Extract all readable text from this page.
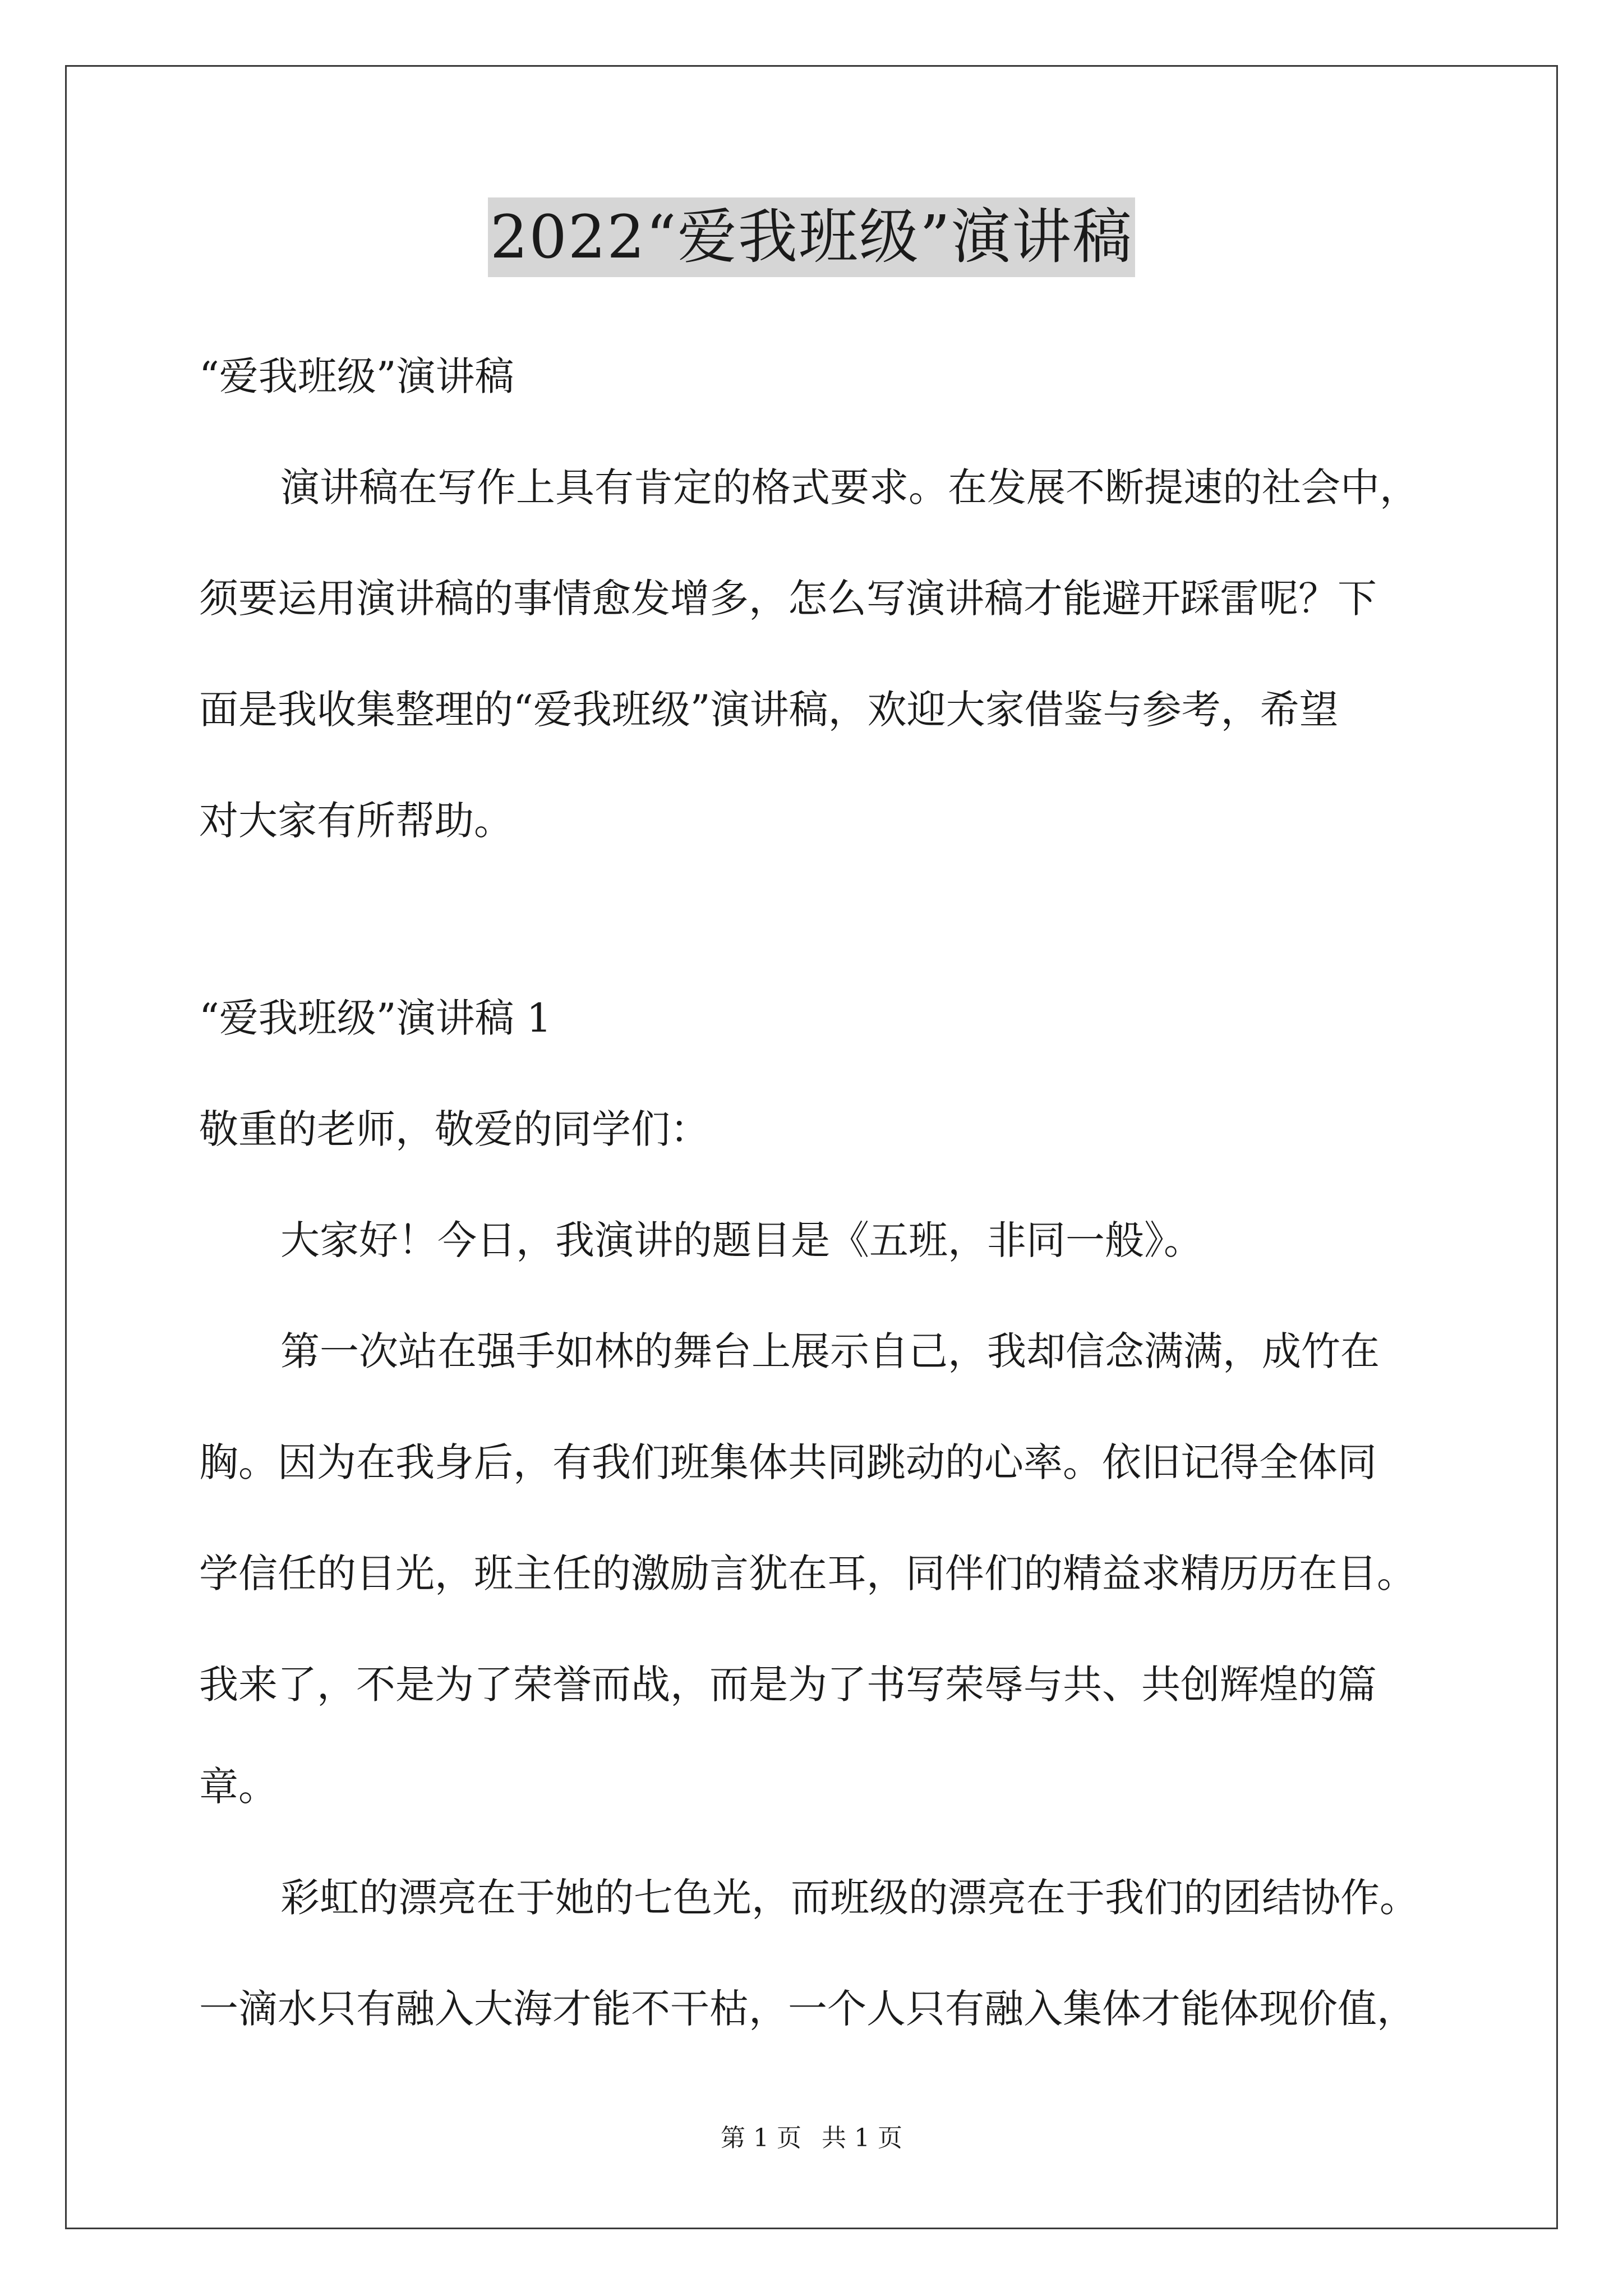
2022“爱我班级”演讲稿
“爱我班级”演讲稿
演讲稿在写作上具有肯定的格式要求。在发展不断提速的社会中，
须要运用演讲稿的事情愈发增多，怎么写演讲稿才能避开踩雷呢？下
面是我收集整理的“爱我班级”演讲稿，欢迎大家借鉴与参考，希望
对大家有所帮助。
“爱我班级”演讲稿 1
敬重的老师，敬爱的同学们：
大家好！今日，我演讲的题目是《五班，非同一般》。
第一次站在强手如林的舞台上展示自己，我却信念满满，成竹在
胸。因为在我身后，有我们班集体共同跳动的心率。依旧记得全体同
学信任的目光，班主任的激励言犹在耳，同伴们的精益求精历历在目。
我来了，不是为了荣誉而战，而是为了书写荣辱与共、共创辉煌的篇
章。
彩虹的漂亮在于她的七色光，而班级的漂亮在于我们的团结协作。
一滴水只有融入大海才能不干枯，一个人只有融入集体才能体现价值，
第 1 页 共 1 页
